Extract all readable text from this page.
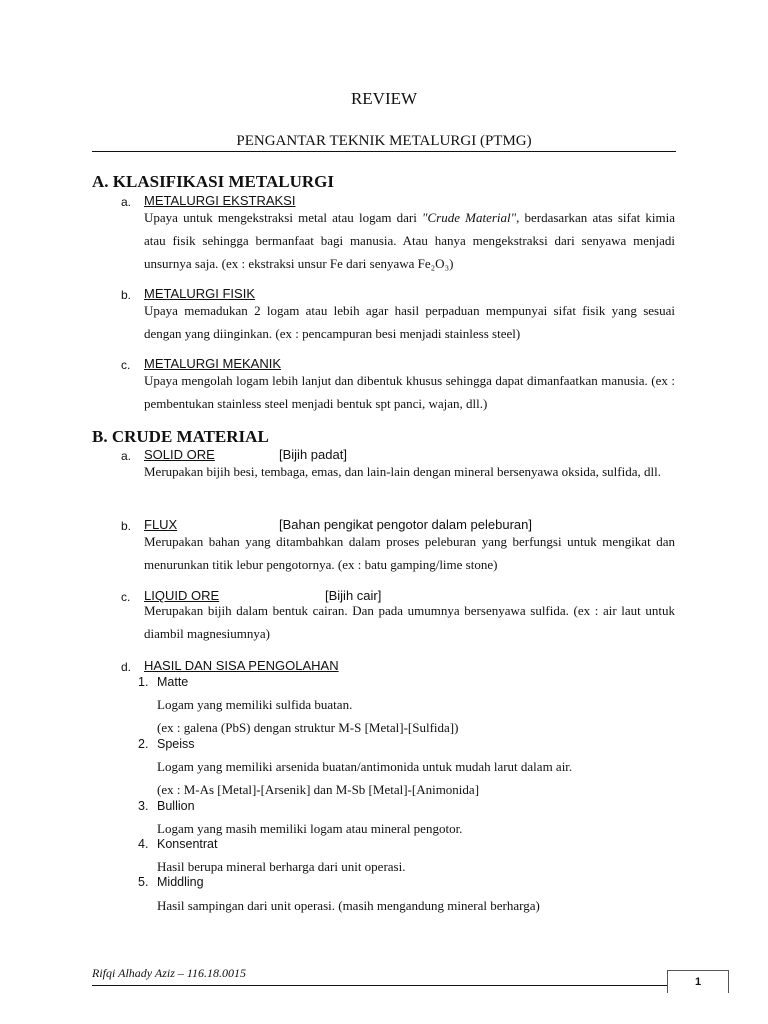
REVIEW
PENGANTAR TEKNIK METALURGI (PTMG)
A. KLASIFIKASI METALURGI
a. METALURGI EKSTRAKSI
Upaya untuk mengekstraksi metal atau logam dari "Crude Material", berdasarkan atas sifat kimia atau fisik sehingga bermanfaat bagi manusia. Atau hanya mengekstraksi dari senyawa menjadi unsurnya saja. (ex : ekstraksi unsur Fe dari senyawa Fe₂O₃)
b. METALURGI FISIK
Upaya memadukan 2 logam atau lebih agar hasil perpaduan mempunyai sifat fisik yang sesuai dengan yang diinginkan. (ex : pencampuran besi menjadi stainless steel)
c. METALURGI MEKANIK
Upaya mengolah logam lebih lanjut dan dibentuk khusus sehingga dapat dimanfaatkan manusia. (ex : pembentukan stainless steel menjadi bentuk spt panci, wajan, dll.)
B. CRUDE MATERIAL
a. SOLID ORE	[Bijih padat]
Merupakan bijih besi, tembaga, emas, dan lain-lain dengan mineral bersenyawa oksida, sulfida, dll.
b. FLUX	[Bahan pengikat pengotor dalam peleburan]
Merupakan bahan yang ditambahkan dalam proses peleburan yang berfungsi untuk mengikat dan menurunkan titik lebur pengotornya. (ex : batu gamping/lime stone)
c. LIQUID ORE	[Bijih cair]
Merupakan bijih dalam bentuk cairan. Dan pada umumnya bersenyawa sulfida. (ex : air laut untuk diambil magnesiumnya)
d. HASIL DAN SISA PENGOLAHAN
1. Matte
Logam yang memiliki sulfida buatan.
(ex : galena (PbS) dengan struktur M-S [Metal]-[Sulfida])
2. Speiss
Logam yang memiliki arsenida buatan/antimonida untuk mudah larut dalam air.
(ex : M-As [Metal]-[Arsenik] dan M-Sb [Metal]-[Animonida]
3. Bullion
Logam yang masih memiliki logam atau mineral pengotor.
4. Konsentrat
Hasil berupa mineral berharga dari unit operasi.
5. Middling
Hasil sampingan dari unit operasi. (masih mengandung mineral berharga)
Rifqi Alhady Aziz – 116.18.0015
1
